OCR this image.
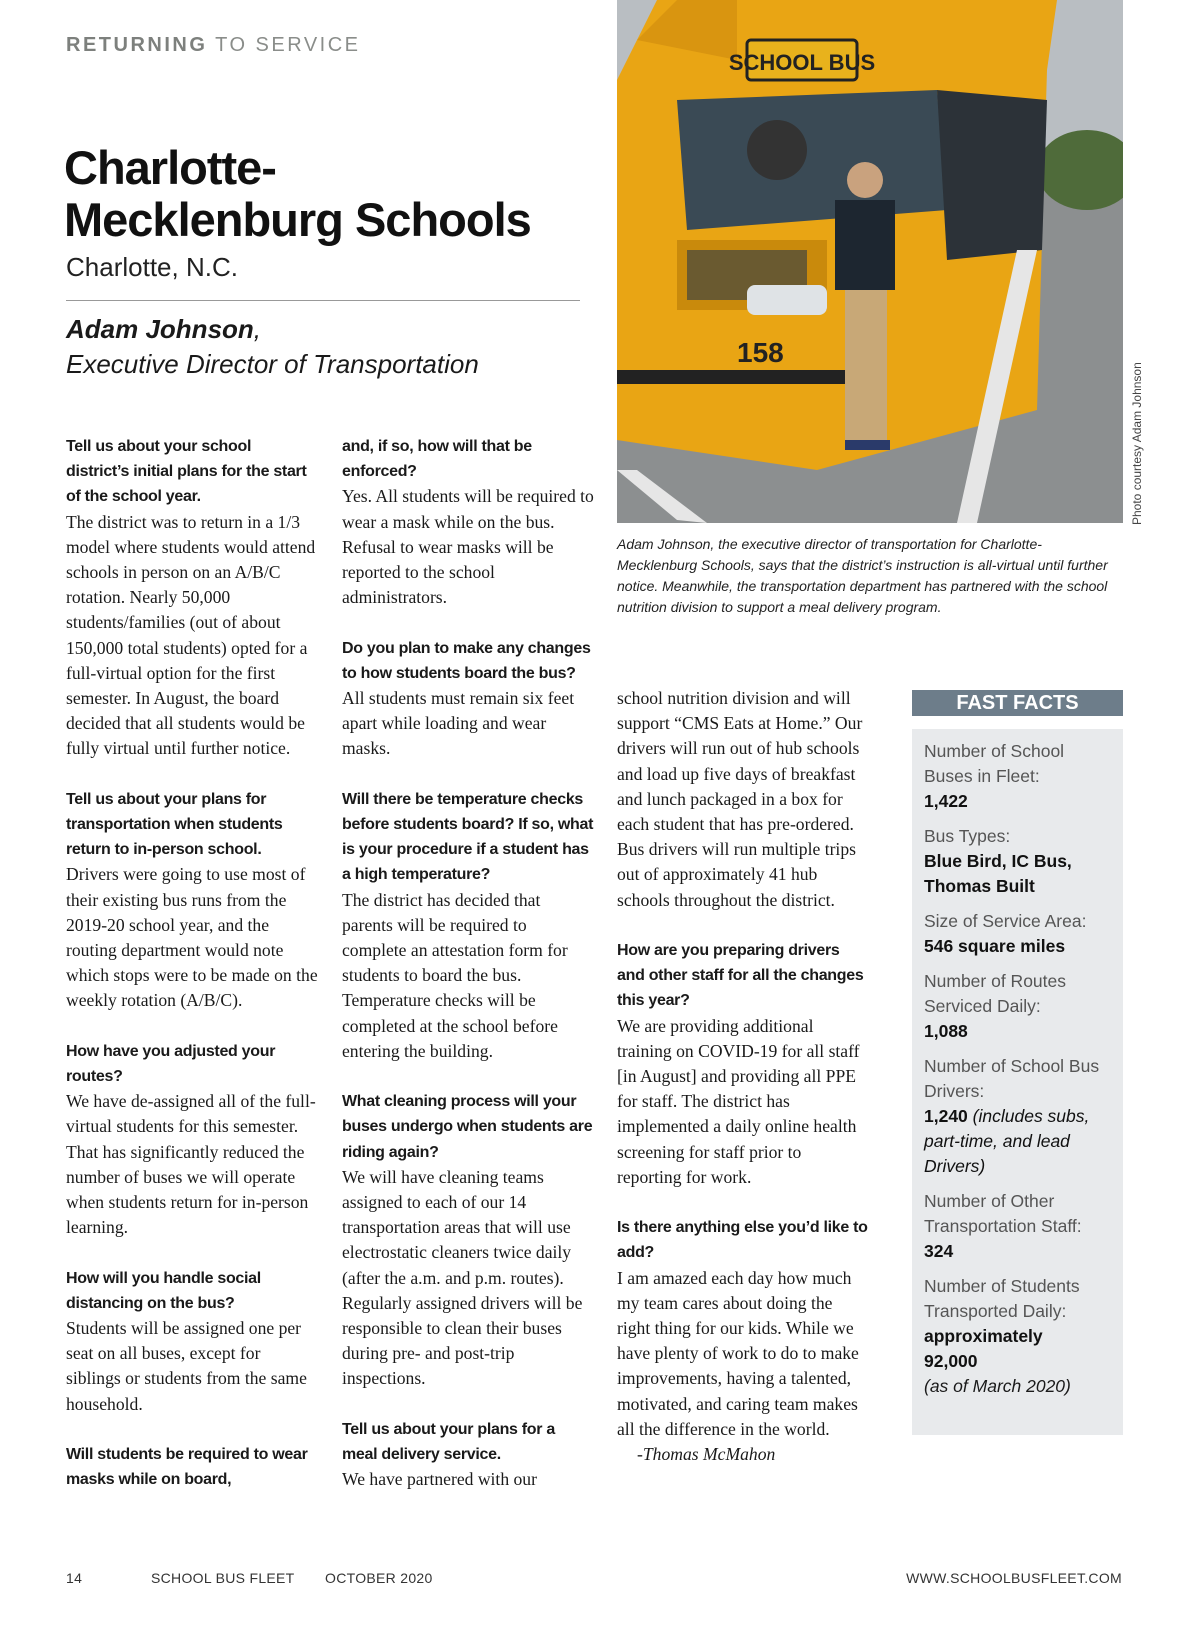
RETURNING TO SERVICE
Charlotte-
Mecklenburg Schools
Charlotte, N.C.
Adam Johnson,
Executive Director of Transportation
SCHOOL BUS
158
Photo courtesy Adam Johnson
Adam Johnson, the executive director of transportation for Charlotte-Mecklenburg Schools, says that the district’s instruction is all-virtual until further notice. Meanwhile, the transportation department has partnered with the school nutrition division to support a meal delivery program.

Tell us about your school district’s initial plans for the start of the school year.
The district was to return in a 1/3 model where students would attend schools in person on an A/B/C rotation. Nearly 50,000 students/families (out of about 150,000 total students) opted for a full-virtual option for the first semester. In August, the board decided that all students would be fully virtual until further notice.

Tell us about your plans for transportation when students return to in-person school.
Drivers were going to use most of their existing bus runs from the 2019-20 school year, and the routing department would note which stops were to be made on the weekly rotation (A/B/C).

How have you adjusted your routes?
We have de-assigned all of the full-virtual students for this semester. That has significantly reduced the number of buses we will operate when students return for in-person learning.

How will you handle social distancing on the bus?
Students will be assigned one per seat on all buses, except for siblings or students from the same household.

Will students be required to wear masks while on board,

and, if so, how will that be enforced?
Yes. All students will be required to wear a mask while on the bus. Refusal to wear masks will be reported to the school administrators.

Do you plan to make any changes to how students board the bus?
All students must remain six feet apart while loading and wear masks.

Will there be temperature checks before students board? If so, what is your procedure if a student has a high temperature?
The district has decided that parents will be required to complete an attestation form for students to board the bus. Temperature checks will be completed at the school before entering the building.

What cleaning process will your buses undergo when students are riding again?
We will have cleaning teams assigned to each of our 14 transportation areas that will use electrostatic cleaners twice daily (after the a.m. and p.m. routes). Regularly assigned drivers will be responsible to clean their buses during pre- and post-trip inspections.

Tell us about your plans for a meal delivery service.
We have partnered with our

school nutrition division and will support “CMS Eats at Home.” Our drivers will run out of hub schools and load up five days of breakfast and lunch packaged in a box for each student that has pre-ordered. Bus drivers will run multiple trips out of approximately 41 hub schools throughout the district.

How are you preparing drivers and other staff for all the changes this year?
We are providing additional training on COVID-19 for all staff [in August] and providing all PPE for staff. The district has implemented a daily online health screening for staff prior to reporting for work.

Is there anything else you’d like to add?
I am amazed each day how much my team cares about doing the right thing for our kids. While we have plenty of work to do to make improvements, having a talented, motivated, and caring team makes all the difference in the world.

-Thomas McMahon
FAST FACTS
Number of School Buses in Fleet:
1,422
Bus Types:
Blue Bird, IC Bus, Thomas Built
Size of Service Area:
546 square miles
Number of Routes Serviced Daily:
1,088
Number of School Bus Drivers:
1,240 (includes subs, part-time, and lead Drivers)
Number of Other Transportation Staff:
324
Number of Students Transported Daily:
approximately 92,000
(as of March 2020)
14	SCHOOL BUS FLEET OCTOBER 2020	WWW.SCHOOLBUSFLEET.COM
